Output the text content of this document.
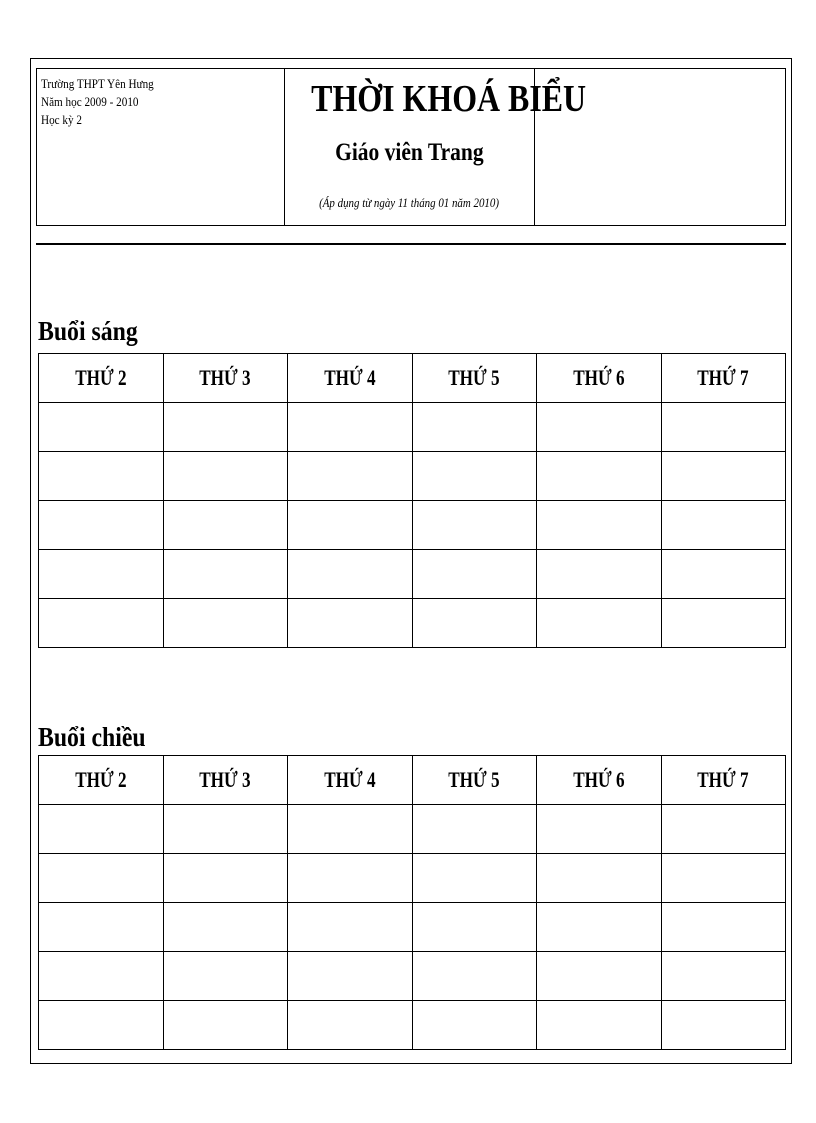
Trường THPT Yên Hưng
Năm học 2009 - 2010
Học kỳ 2	THỜI KHOÁ BIỂU
Giáo viên Trang
(Áp dụng từ ngày 11 tháng 01 năm 2010)
Buổi sáng
THỨ 2	THỨ 3	THỨ 4	THỨ 5	THỨ 6	THỨ 7

Buổi chiều
THỨ 2	THỨ 3	THỨ 4	THỨ 5	THỨ 6	THỨ 7
